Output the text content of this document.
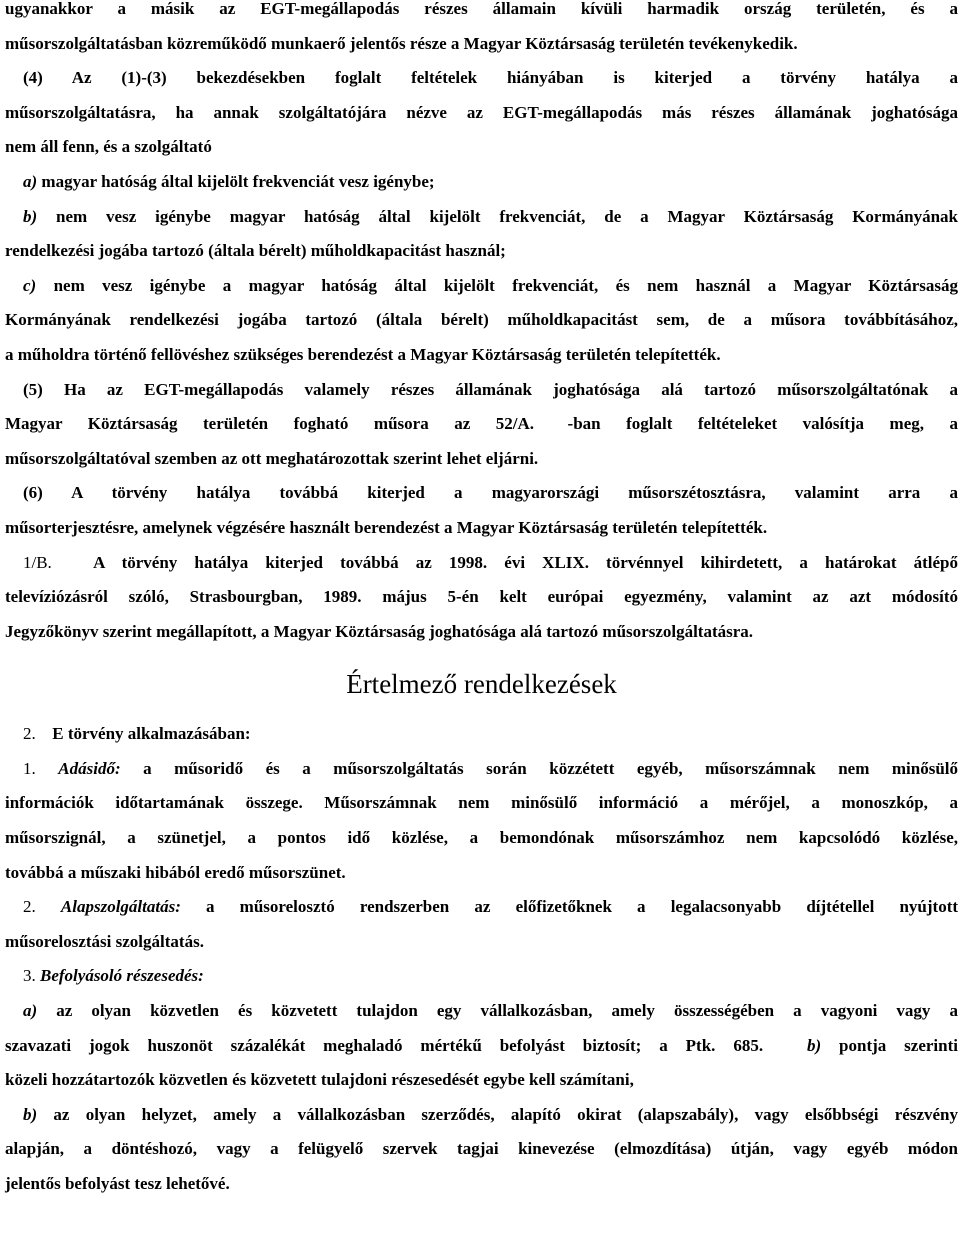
ugyanakkor a másik az EGT-megállapodás részes államain kívüli harmadik ország területén, és a
műsorszolgáltatásban közreműködő munkaerő jelentős része a Magyar Köztársaság területén tevékenykedik.
(4) Az (1)-(3) bekezdésekben foglalt feltételek hiányában is kiterjed a törvény hatálya a
műsorszolgáltatásra, ha annak szolgáltatójára nézve az EGT-megállapodás más részes államának joghatósága
nem áll fenn, és a szolgáltató
a) magyar hatóság által kijelölt frekvenciát vesz igénybe;
b) nem vesz igénybe magyar hatóság által kijelölt frekvenciát, de a Magyar Köztársaság Kormányának
rendelkezési jogába tartozó (általa bérelt) műholdkapacitást használ;
c) nem vesz igénybe a magyar hatóság által kijelölt frekvenciát, és nem használ a Magyar Köztársaság
Kormányának rendelkezési jogába tartozó (általa bérelt) műholdkapacitást sem, de a műsora továbbításához,
a műholdra történő fellövéshez szükséges berendezést a Magyar Köztársaság területén telepítették.
(5) Ha az EGT-megállapodás valamely részes államának joghatósága alá tartozó műsorszolgáltatónak a
Magyar Köztársaság területén fogható műsora az 52/A. -ban foglalt feltételeket valósítja meg, a
műsorszolgáltatóval szemben az ott meghatározottak szerint lehet eljárni.
(6) A törvény hatálya továbbá kiterjed a magyarországi műsorszétosztásra, valamint arra a
műsorterjesztésre, amelynek végzésére használt berendezést a Magyar Köztársaság területén telepítették.
1/B. A törvény hatálya kiterjed továbbá az 1998. évi XLIX. törvénnyel kihirdetett, a határokat átlépő
televíziózásról szóló, Strasbourgban, 1989. május 5-én kelt európai egyezmény, valamint az azt módosító
Jegyzőkönyv szerint megállapított, a Magyar Köztársaság joghatósága alá tartozó műsorszolgáltatásra.
Értelmező rendelkezések
2. E törvény alkalmazásában:
1. Adásidő: a műsoridő és a műsorszolgáltatás során közzétett egyéb, műsorszámnak nem minősülő
információk időtartamának összege. Műsorszámnak nem minősülő információ a mérőjel, a monoszkóp, a
műsorszignál, a szünetjel, a pontos idő közlése, a bemondónak műsorszámhoz nem kapcsolódó közlése,
továbbá a műszaki hibából eredő műsorszünet.
2. Alapszolgáltatás: a műsorelosztó rendszerben az előfizetőknek a legalacsonyabb díjtétellel nyújtott
műsorelosztási szolgáltatás.
3. Befolyásoló részesedés:
a) az olyan közvetlen és közvetett tulajdon egy vállalkozásban, amely összességében a vagyoni vagy a
szavazati jogok huszonöt százalékát meghaladó mértékű befolyást biztosít; a Ptk. 685.	b) pontja szerinti
közeli hozzátartozók közvetlen és közvetett tulajdoni részesedését egybe kell számítani,
b) az olyan helyzet, amely a vállalkozásban szerződés, alapító okirat (alapszabály), vagy elsőbbségi részvény
alapján, a döntéshozó, vagy a felügyelő szervek tagjai kinevezése (elmozdítása) útján, vagy egyéb módon
jelentős befolyást tesz lehetővé.
